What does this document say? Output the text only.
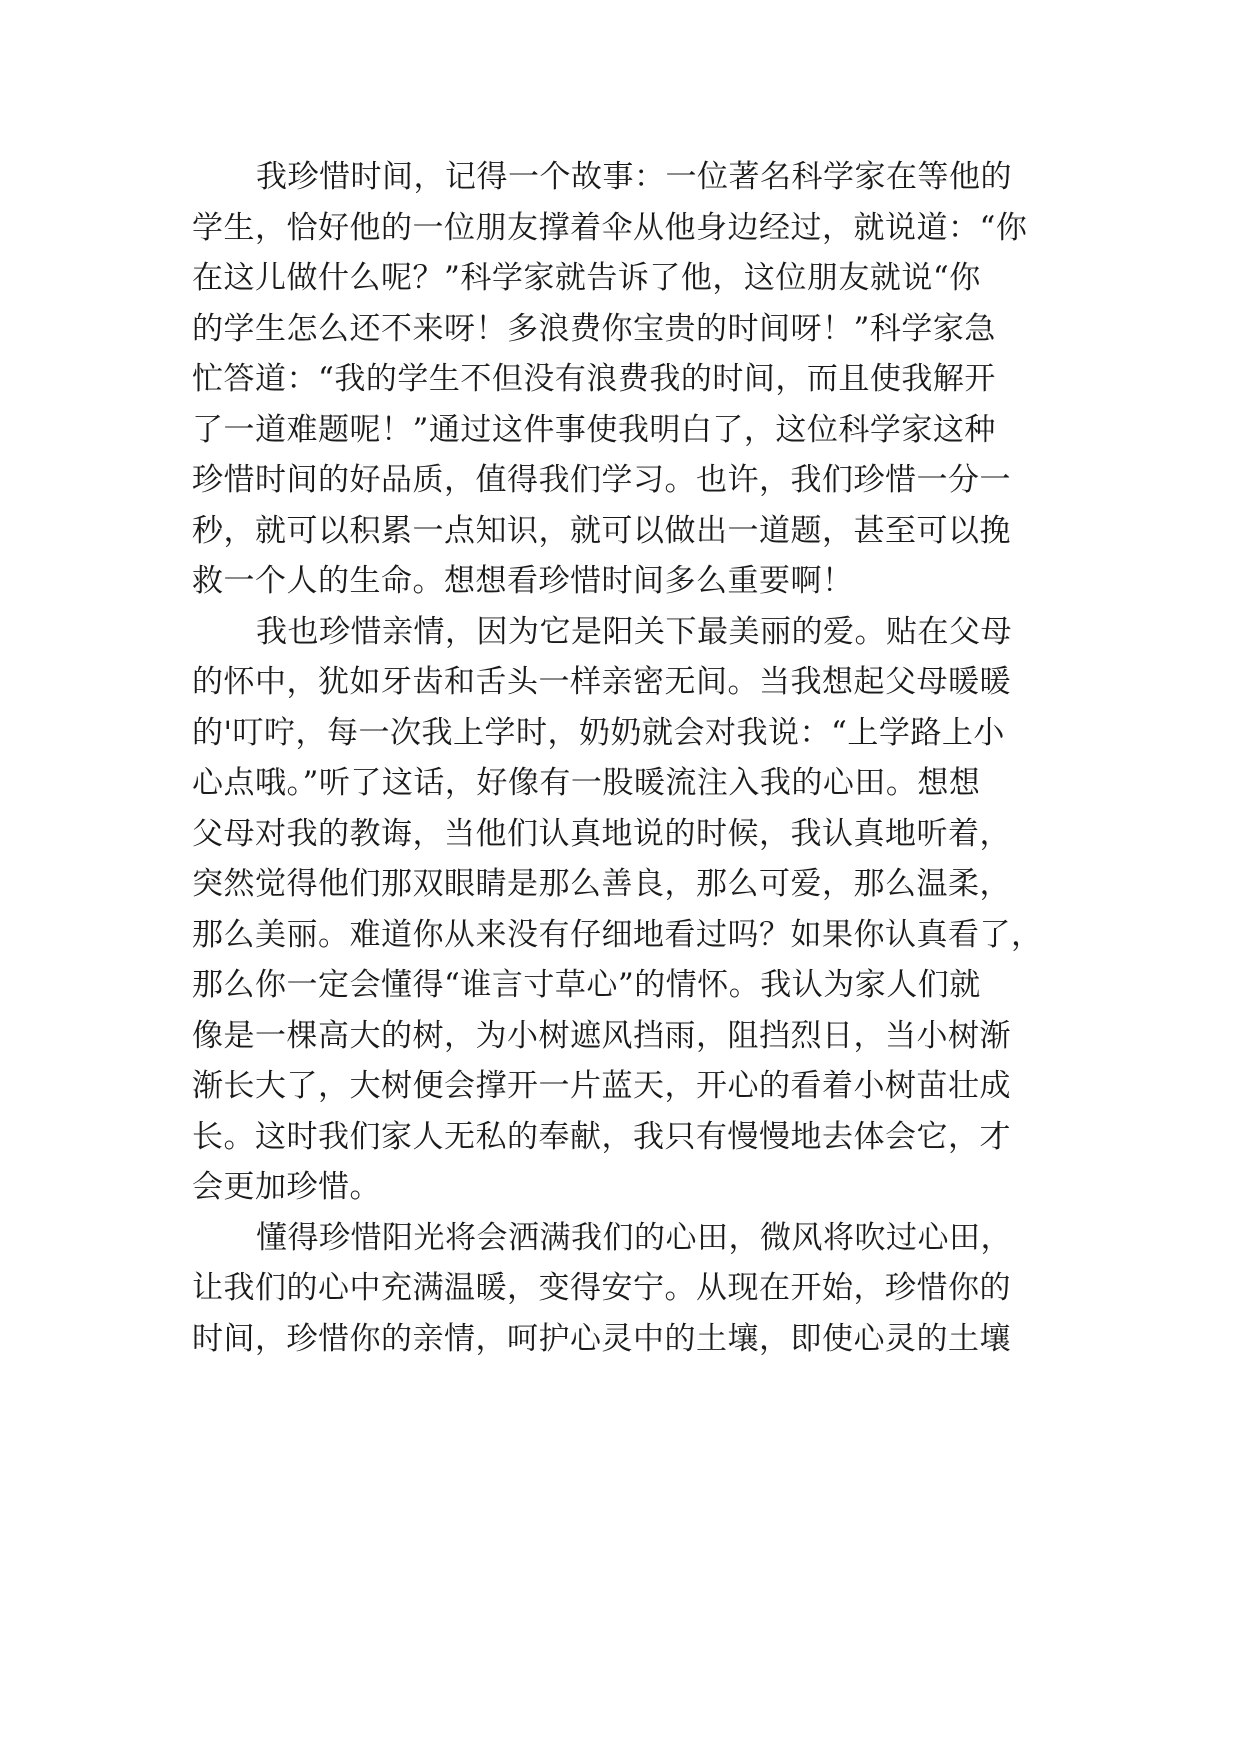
我珍惜时间，记得一个故事：一位著名科学家在等他的
学生，恰好他的一位朋友撑着伞从他身边经过，就说道：“你
在这儿做什么呢？”科学家就告诉了他，这位朋友就说“你
的学生怎么还不来呀！多浪费你宝贵的时间呀！”科学家急
忙答道：“我的学生不但没有浪费我的时间，而且使我解开
了一道难题呢！”通过这件事使我明白了，这位科学家这种
珍惜时间的好品质，值得我们学习。也许，我们珍惜一分一
秒，就可以积累一点知识，就可以做出一道题，甚至可以挽
救一个人的生命。想想看珍惜时间多么重要啊！
我也珍惜亲情，因为它是阳关下最美丽的爱。贴在父母
的怀中，犹如牙齿和舌头一样亲密无间。当我想起父母暖暖
的'叮咛，每一次我上学时，奶奶就会对我说：“上学路上小
心点哦。”听了这话，好像有一股暖流注入我的心田。想想
父母对我的教诲，当他们认真地说的时候，我认真地听着，
突然觉得他们那双眼睛是那么善良，那么可爱，那么温柔，
那么美丽。难道你从来没有仔细地看过吗？如果你认真看了，
那么你一定会懂得“谁言寸草心”的情怀。我认为家人们就
像是一棵高大的树，为小树遮风挡雨，阻挡烈日，当小树渐
渐长大了，大树便会撑开一片蓝天，开心的看着小树苗壮成
长。这时我们家人无私的奉献，我只有慢慢地去体会它，才
会更加珍惜。
懂得珍惜阳光将会洒满我们的心田，微风将吹过心田，
让我们的心中充满温暖，变得安宁。从现在开始，珍惜你的
时间，珍惜你的亲情，呵护心灵中的土壤，即使心灵的土壤
